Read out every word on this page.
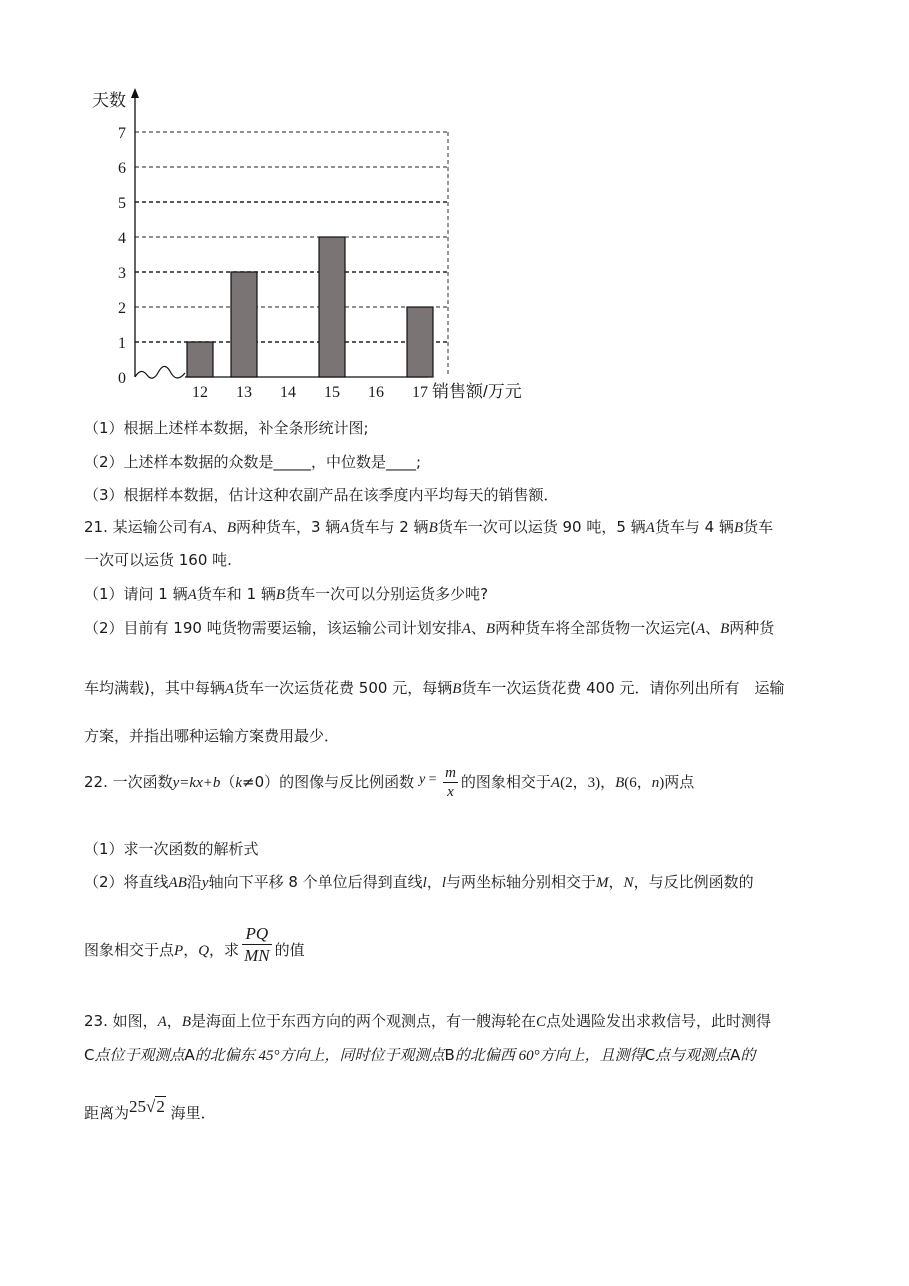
0
1
2
3
4
5
6
7
12 13 14 15 16 17
天数
销售额/万元
（1）根据上述样本数据，补全条形统计图;
（2）上述样本数据的众数是_____，中位数是____;
（3）根据样本数据，估计这种农副产品在该季度内平均每天的销售额．
21. 某运输公司有A、B两种货车，3 辆A货车与 2 辆B货车一次可以运货 90 吨，5 辆A货车与 4 辆B货车
一次可以运货 160 吨.
（1）请问 1 辆A货车和 1 辆B货车一次可以分别运货多少吨?
（2）目前有 190 吨货物需要运输，该运输公司计划安排A、B两种货车将全部货物一次运完(A、B两种货
车均满载)，其中每辆A货车一次运货花费 500 元，每辆B货车一次运货花费 400 元．请你列出所有　运输
方案，并指出哪种运输方案费用最少．
22. 一次函数y=kx+b（k≠0）的图像与反比例函数 $y = \frac{m}{x}$ 的图象相交于A(2，3)，B(6，n)两点
（1）求一次函数的解析式
（2）将直线AB沿y轴向下平移 8 个单位后得到直线l，l与两坐标轴分别相交于M，N，与反比例函数的
图象相交于点P，Q，求 $\frac{PQ}{MN}$ 的值
23. 如图，A，B是海面上位于东西方向的两个观测点，有一艘海轮在C点处遇险发出求救信号，此时测得
C点位于观测点A的北偏东 45°方向上，同时位于观测点B的北偏西 60°方向上，且测得C点与观测点A的
距离为25√2 海里．
